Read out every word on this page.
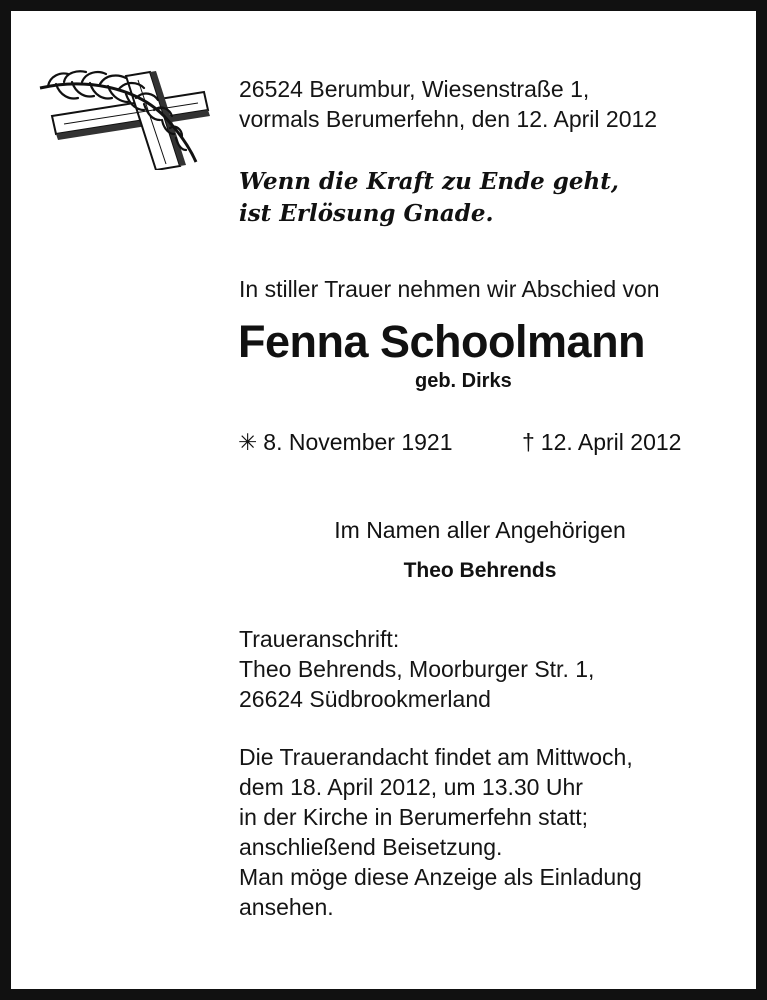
26524 Berumbur, Wiesenstraße 1,
vormals Berumerfehn, den 12. April 2012
Wenn die Kraft zu Ende geht,
ist Erlösung Gnade.
In stiller Trauer nehmen wir Abschied von
Fenna Schoolmann
geb. Dirks
✳ 8. November 1921	† 12. April 2012
Im Namen aller Angehörigen
Theo Behrends
Traueranschrift:
Theo Behrends, Moorburger Str. 1,
26624 Südbrookmerland
Die Trauerandacht findet am Mittwoch,
dem 18. April 2012, um 13.30 Uhr
in der Kirche in Berumerfehn statt;
anschließend Beisetzung.
Man möge diese Anzeige als Einladung
ansehen.
